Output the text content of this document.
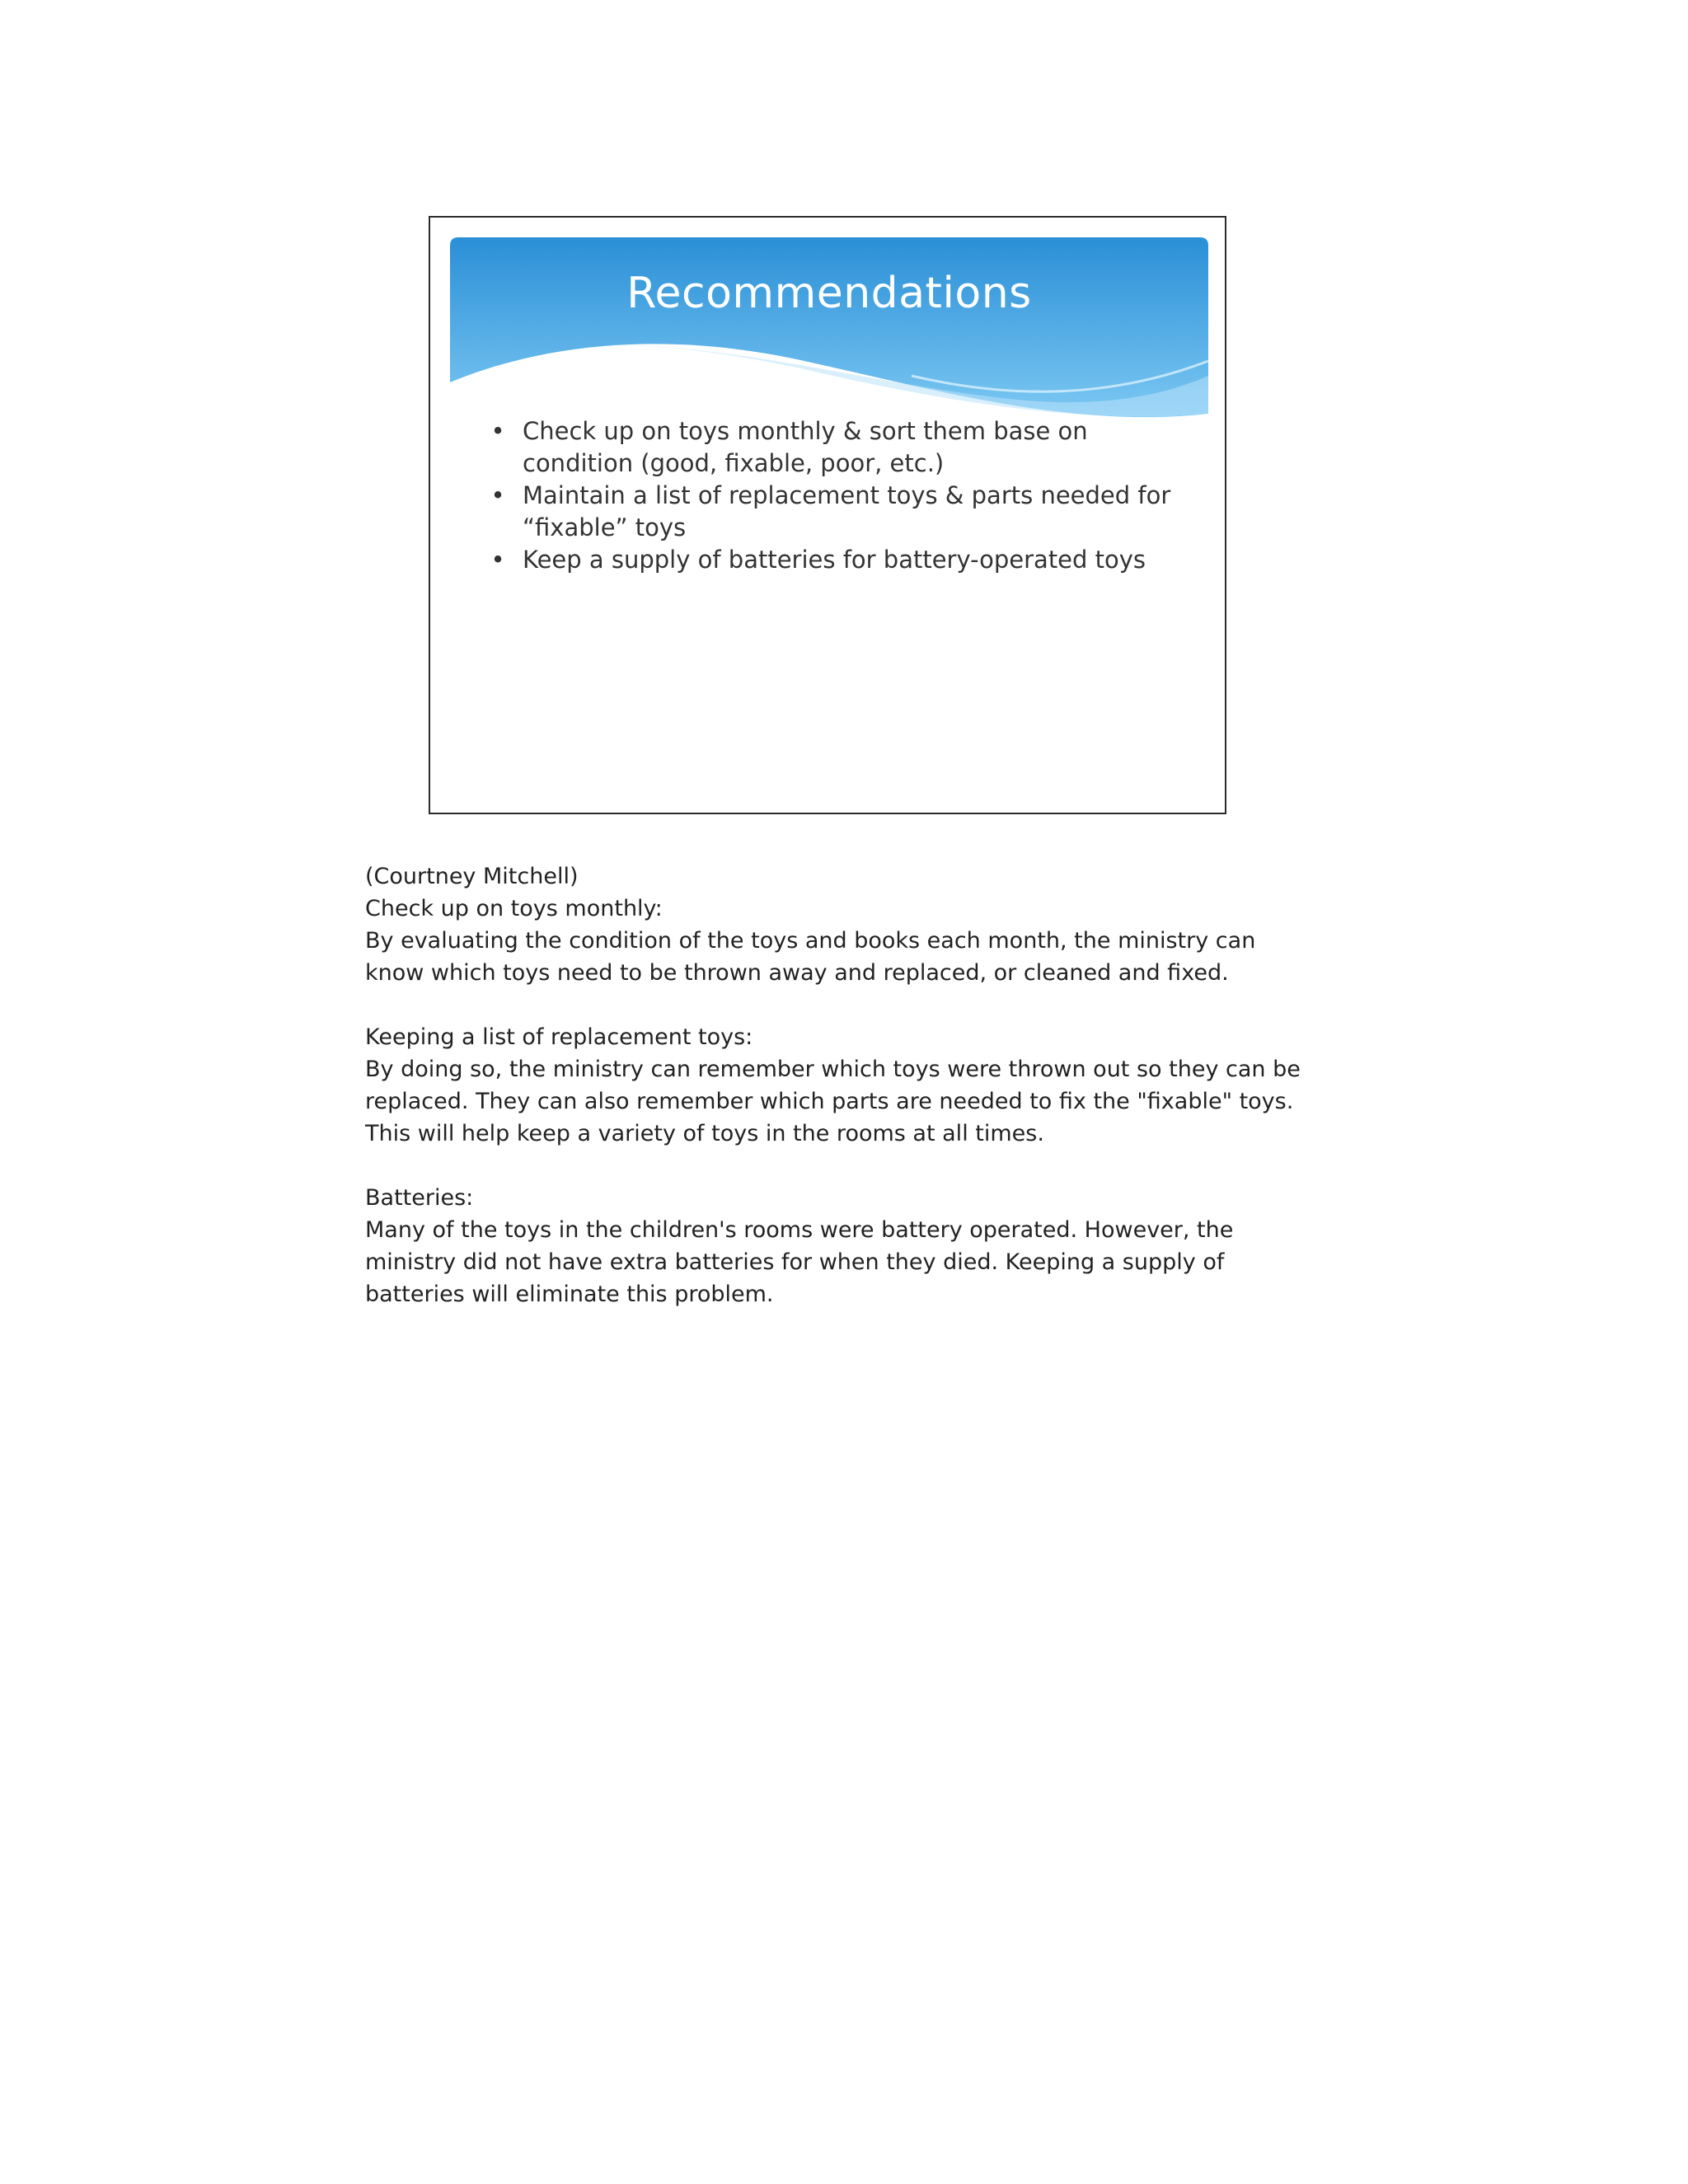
Recommendations
• Check up on toys monthly & sort them base on condition (good, fixable, poor, etc.)
• Maintain a list of replacement toys & parts needed for “fixable” toys
• Keep a supply of batteries for battery-operated toys

(Courtney Mitchell)

Check up on toys monthly:

By evaluating the condition of the toys and books each month, the ministry can know which toys need to be thrown away and replaced, or cleaned and fixed.

Keeping a list of replacement toys:

By doing so, the ministry can remember which toys were thrown out so they can be replaced. They can also remember which parts are needed to fix the "fixable" toys. This will help keep a variety of toys in the rooms at all times.

Batteries:

Many of the toys in the children's rooms were battery operated. However, the ministry did not have extra batteries for when they died. Keeping a supply of batteries will eliminate this problem.
